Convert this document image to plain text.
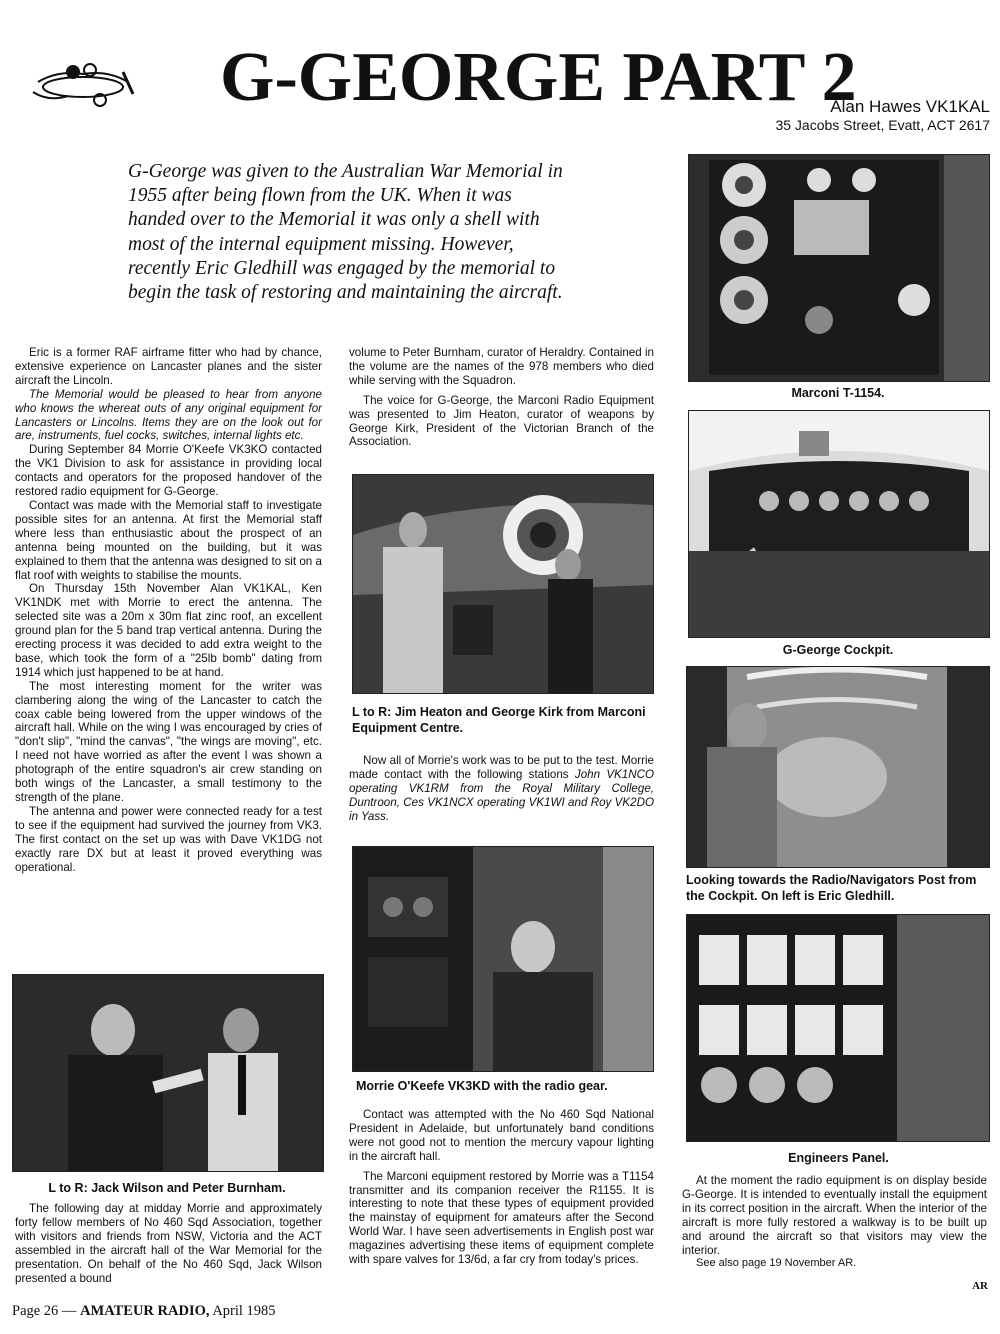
G-GEORGE PART 2
Alan Hawes VK1KAL
35 Jacobs Street, Evatt, ACT 2617
G-George was given to the Australian War Memorial in 1955 after being flown from the UK. When it was handed over to the Memorial it was only a shell with most of the internal equipment missing. However, recently Eric Gledhill was engaged by the memorial to begin the task of restoring and maintaining the aircraft.

Eric is a former RAF airframe fitter who had by chance, extensive experience on Lancaster planes and the sister aircraft the Lincoln.

The Memorial would be pleased to hear from anyone who knows the whereat outs of any original equipment for Lancasters or Lincolns. Items they are on the look out for are, instruments, fuel cocks, switches, internal lights etc.

During September 84 Morrie O'Keefe VK3KO contacted the VK1 Division to ask for assistance in providing local contacts and operators for the proposed handover of the restored radio equipment for G-George.

Contact was made with the Memorial staff to investigate possible sites for an antenna. At first the Memorial staff where less than enthusiastic about the prospect of an antenna being mounted on the building, but it was explained to them that the antenna was designed to sit on a flat roof with weights to stabilise the mounts.

On Thursday 15th November Alan VK1KAL, Ken VK1NDK met with Morrie to erect the antenna. The selected site was a 20m x 30m flat zinc roof, an excellent ground plan for the 5 band trap vertical antenna. During the erecting process it was decided to add extra weight to the base, which took the form of a "25lb bomb" dating from 1914 which just happened to be at hand.

The most interesting moment for the writer was clambering along the wing of the Lancaster to catch the coax cable being lowered from the upper windows of the aircraft hall. While on the wing I was encouraged by cries of "don't slip", "mind the canvas", "the wings are moving", etc. I need not have worried as after the event I was shown a photograph of the entire squadron's air crew standing on both wings of the Lancaster, a small testimony to the strength of the plane.

The antenna and power were connected ready for a test to see if the equipment had survived the journey from VK3. The first contact on the set up was with Dave VK1DG not exactly rare DX but at least it proved everything was operational.

L to R: Jack Wilson and Peter Burnham.

The following day at midday Morrie and approximately forty fellow members of No 460 Sqd Association, together with visitors and friends from NSW, Victoria and the ACT assembled in the aircraft hall of the War Memorial for the presentation. On behalf of the No 460 Sqd, Jack Wilson presented a bound

volume to Peter Burnham, curator of Heraldry. Contained in the volume are the names of the 978 members who died while serving with the Squadron.

The voice for G-George, the Marconi Radio Equipment was presented to Jim Heaton, curator of weapons by George Kirk, President of the Victorian Branch of the Association.

L to R: Jim Heaton and George Kirk from Marconi Equipment Centre.

Now all of Morrie's work was to be put to the test. Morrie made contact with the following stations John VK1NCO operating VK1RM from the Royal Military College, Duntroon, Ces VK1NCX operating VK1WI and Roy VK2DO in Yass.

Morrie O'Keefe VK3KD with the radio gear.

Contact was attempted with the No 460 Sqd National President in Adelaide, but unfortunately band conditions were not good not to mention the mercury vapour lighting in the aircraft hall.

The Marconi equipment restored by Morrie was a T1154 transmitter and its companion receiver the R1155. It is interesting to note that these types of equipment provided the mainstay of equipment for amateurs after the Second World War. I have seen advertisements in English post war magazines advertising these items of equipment complete with spare valves for 13/6d, a far cry from today's prices.

Marconi T-1154.
G-George Cockpit.
Looking towards the Radio/Navigators Post from the Cockpit. On left is Eric Gledhill.
Engineers Panel.

At the moment the radio equipment is on display beside G-George. It is intended to eventually install the equipment in its correct position in the aircraft. When the interior of the aircraft is more fully restored a walkway is to be built up and around the aircraft so that visitors may view the interior.

See also page 19 November AR.

AR
Page 26 — AMATEUR RADIO, April 1985
